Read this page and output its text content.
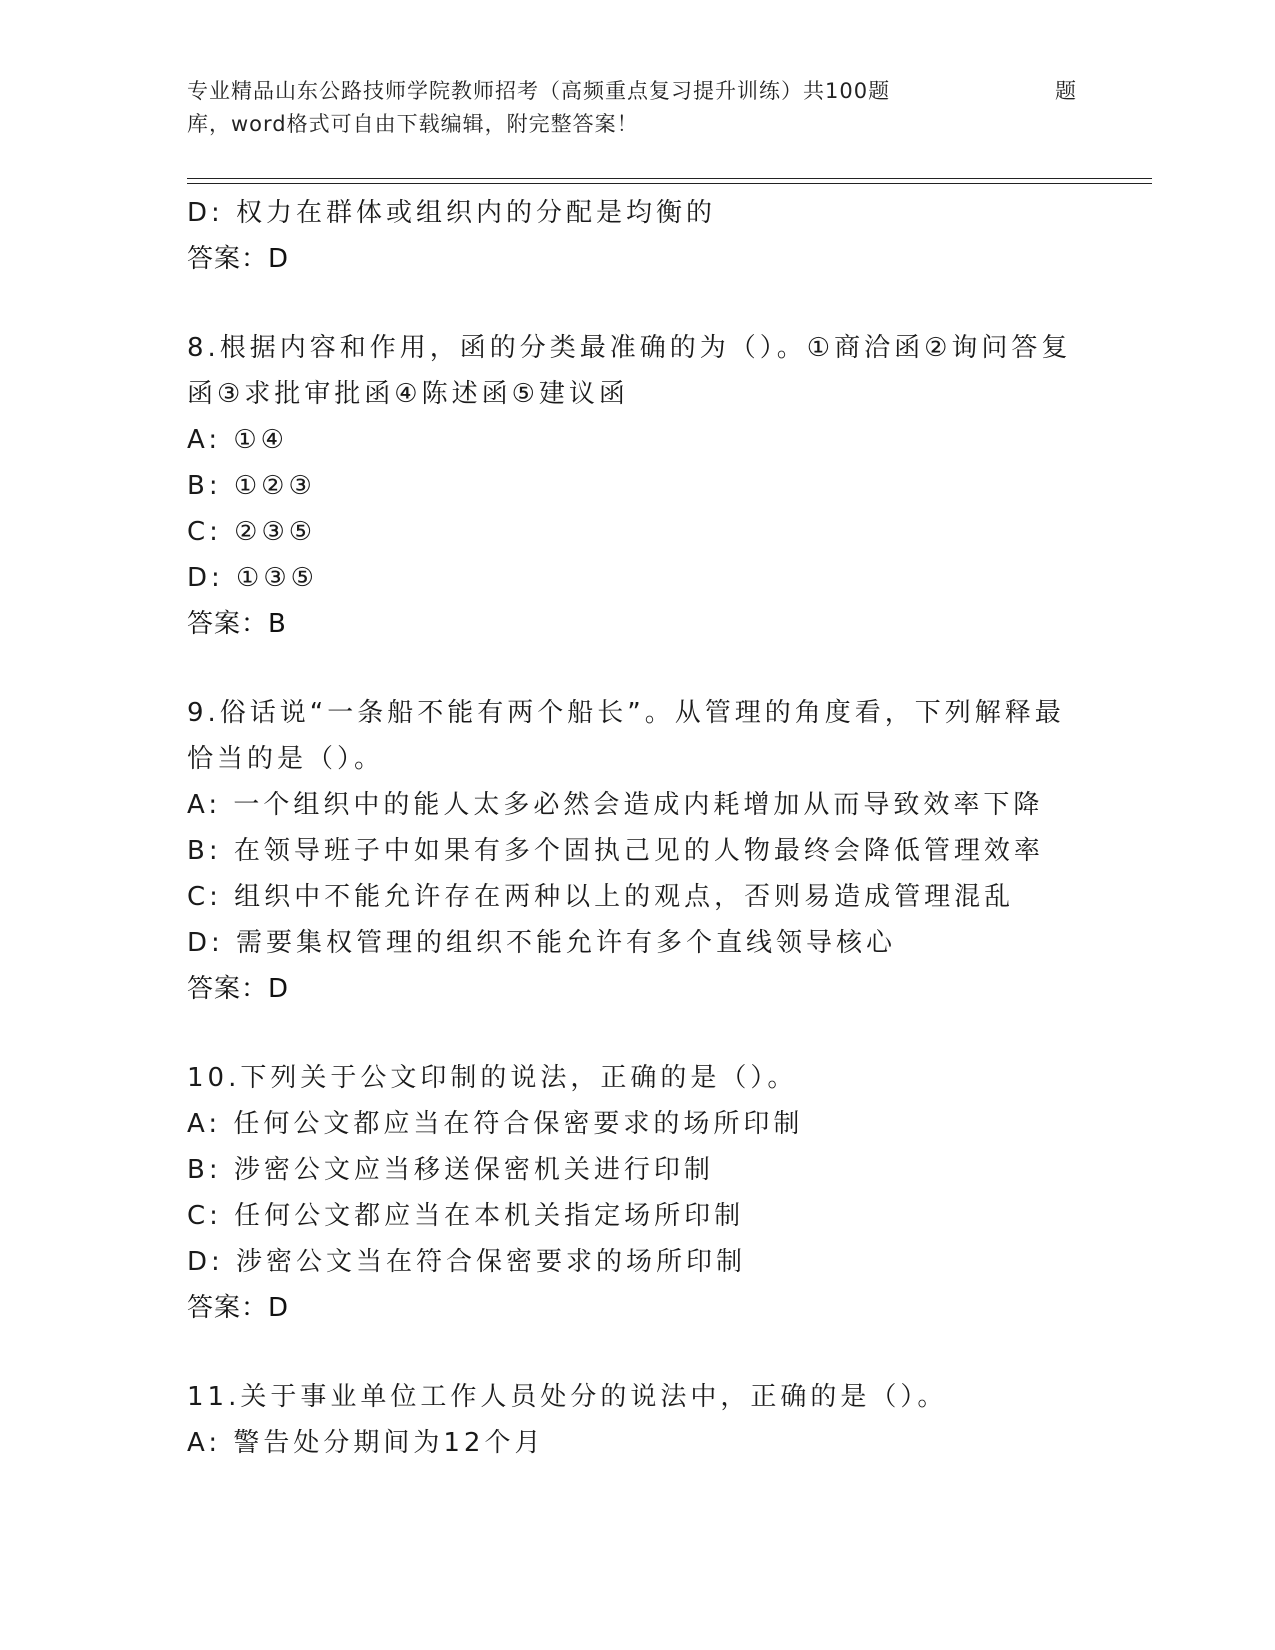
专业精品山东公路技师学院教师招考（高频重点复习提升训练）共100题
库，word格式可自由下载编辑，附完整答案！
题
D: 权力在群体或组织内的分配是均衡的
答案：D
8.根据内容和作用，函的分类最准确的为（）。①商洽函②询问答复
函③求批审批函④陈述函⑤建议函
A: ①④
B: ①②③
C: ②③⑤
D: ①③⑤
答案：B
9.俗话说“一条船不能有两个船长”。从管理的角度看，下列解释最
恰当的是（）。
A: 一个组织中的能人太多必然会造成内耗增加从而导致效率下降
B: 在领导班子中如果有多个固执己见的人物最终会降低管理效率
C: 组织中不能允许存在两种以上的观点，否则易造成管理混乱
D: 需要集权管理的组织不能允许有多个直线领导核心
答案：D
10.下列关于公文印制的说法，正确的是（）。
A: 任何公文都应当在符合保密要求的场所印制
B: 涉密公文应当移送保密机关进行印制
C: 任何公文都应当在本机关指定场所印制
D: 涉密公文当在符合保密要求的场所印制
答案：D
11.关于事业单位工作人员处分的说法中，正确的是（）。
A: 警告处分期间为12个月
